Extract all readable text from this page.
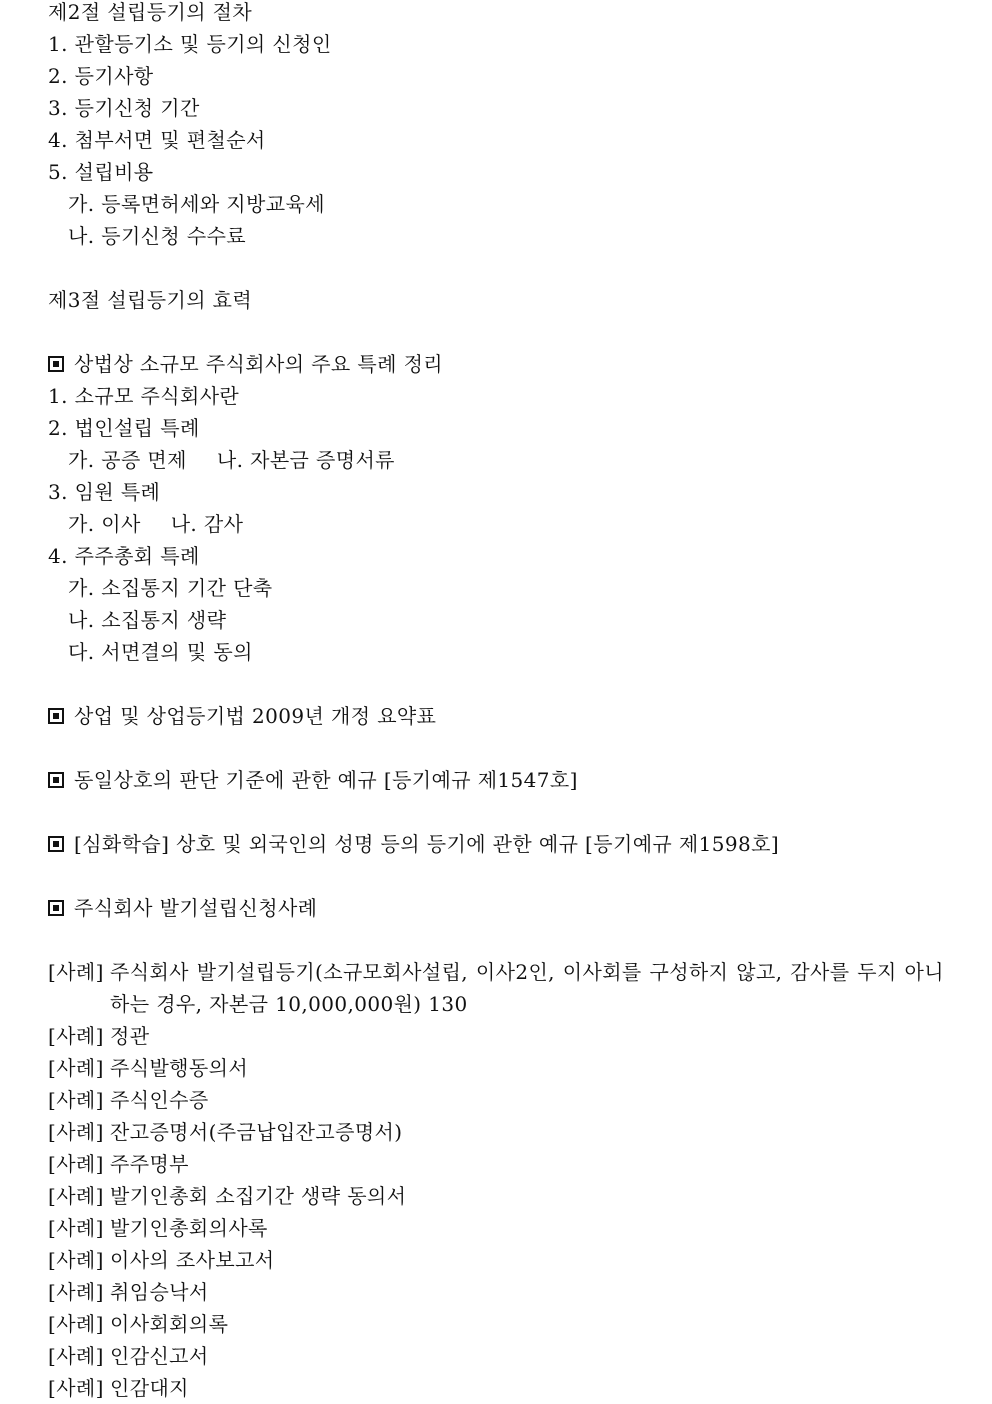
제2절 설립등기의 절차
1. 관할등기소 및 등기의 신청인
2. 등기사항
3. 등기신청 기간
4. 첨부서면 및 편철순서
5. 설립비용
가. 등록면허세와 지방교육세
나. 등기신청 수수료
제3절 설립등기의 효력
상법상 소규모 주식회사의 주요 특례 정리
1. 소규모 주식회사란
2. 법인설립 특례
가. 공증 면제 나. 자본금 증명서류
3. 임원 특례
가. 이사 나. 감사
4. 주주총회 특례
가. 소집통지 기간 단축
나. 소집통지 생략
다. 서면결의 및 동의
상업 및 상업등기법 2009년 개정 요약표
동일상호의 판단 기준에 관한 예규 [등기예규 제1547호]
[심화학습] 상호 및 외국인의 성명 등의 등기에 관한 예규 [등기예규 제1598호]
주식회사 발기설립신청사례
[사례] 주식회사 발기설립등기(소규모회사설립, 이사2인, 이사회를 구성하지 않고, 감사를 두지 아니하는 경우, 자본금 10,000,000원) 130
[사례] 정관
[사례] 주식발행동의서
[사례] 주식인수증
[사례] 잔고증명서(주금납입잔고증명서)
[사례] 주주명부
[사례] 발기인총회 소집기간 생략 동의서
[사례] 발기인총회의사록
[사례] 이사의 조사보고서
[사례] 취임승낙서
[사례] 이사회회의록
[사례] 인감신고서
[사례] 인감대지
